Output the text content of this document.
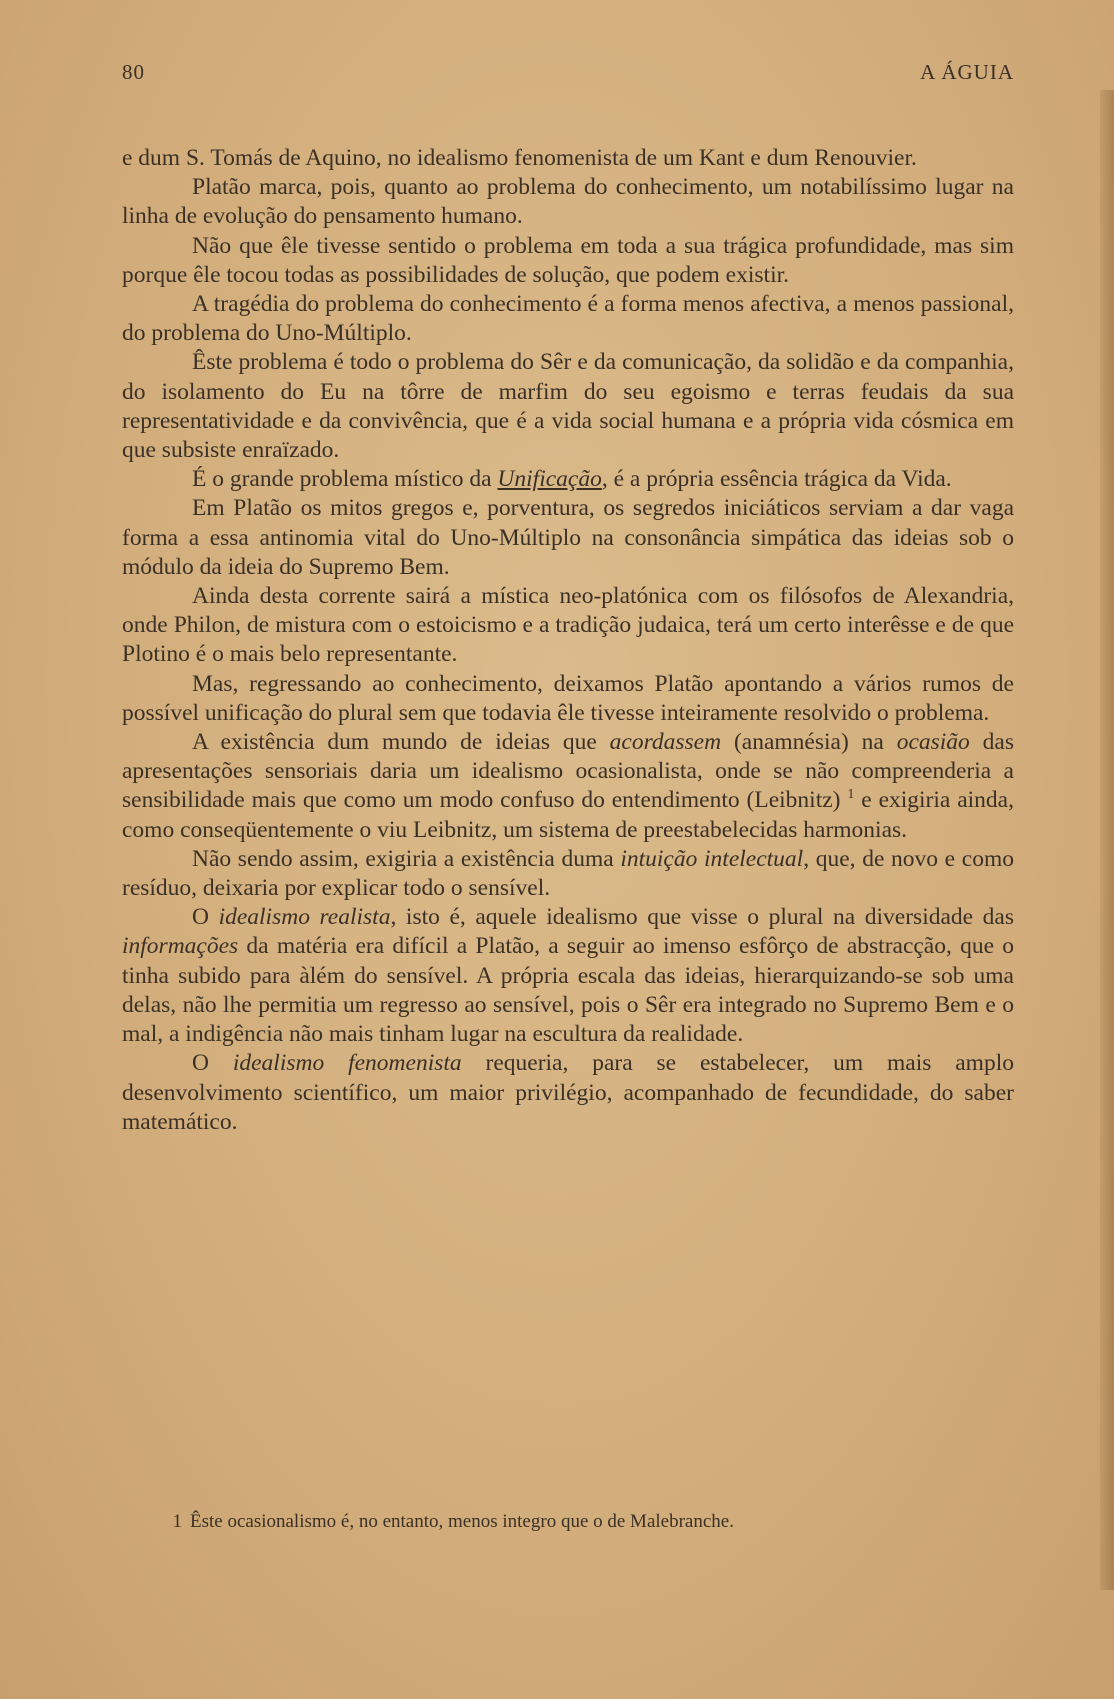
80	A ÁGUIA

e dum S. Tomás de Aquino, no idealismo fenomenista de um Kant e dum Renouvier.

Platão marca, pois, quanto ao problema do conhecimento, um notabilíssimo lugar na linha de evolução do pensamento humano.

Não que êle tivesse sentido o problema em toda a sua trágica profundidade, mas sim porque êle tocou todas as possibilidades de solução, que podem existir.

A tragédia do problema do conhecimento é a forma menos afectiva, a menos passional, do problema do Uno-Múltiplo.

Êste problema é todo o problema do Sêr e da comunicação, da solidão e da companhia, do isolamento do Eu na tôrre de marfim do seu egoismo e terras feudais da sua representatividade e da convivência, que é a vida social humana e a própria vida cósmica em que subsiste enraïzado.

É o grande problema místico da Unificação, é a própria essência trágica da Vida.

Em Platão os mitos gregos e, porventura, os segredos iniciáticos serviam a dar vaga forma a essa antinomia vital do Uno-Múltiplo na consonância simpática das ideias sob o módulo da ideia do Supremo Bem.

Ainda desta corrente sairá a mística neo-platónica com os filósofos de Alexandria, onde Philon, de mistura com o estoicismo e a tradição judaica, terá um certo interêsse e de que Plotino é o mais belo representante.

Mas, regressando ao conhecimento, deixamos Platão apontando a vários rumos de possível unificação do plural sem que todavia êle tivesse inteiramente resolvido o problema.

A existência dum mundo de ideias que acordassem (anamnésia) na ocasião das apresentações sensoriais daria um idealismo ocasionalista, onde se não compreenderia a sensibilidade mais que como um modo confuso do entendimento (Leibnitz) $^1$ e exigiria ainda, como conseqüentemente o viu Leibnitz, um sistema de preestabelecidas harmonias.

Não sendo assim, exigiria a existência duma intuição intelectual, que, de novo e como resíduo, deixaria por explicar todo o sensível.

O idealismo realista, isto é, aquele idealismo que visse o plural na diversidade das informações da matéria era difícil a Platão, a seguir ao imenso esfôrço de abstracção, que o tinha subido para àlém do sensível. A própria escala das ideias, hierarquizando-se sob uma delas, não lhe permitia um regresso ao sensível, pois o Sêr era integrado no Supremo Bem e o mal, a indigência não mais tinham lugar na escultura da realidade.

O idealismo fenomenista requeria, para se estabelecer, um mais amplo desenvolvimento scientífico, um maior privilégio, acompanhado de fecundidade, do saber matemático.

1 Êste ocasionalismo é, no entanto, menos integro que o de Malebranche.
